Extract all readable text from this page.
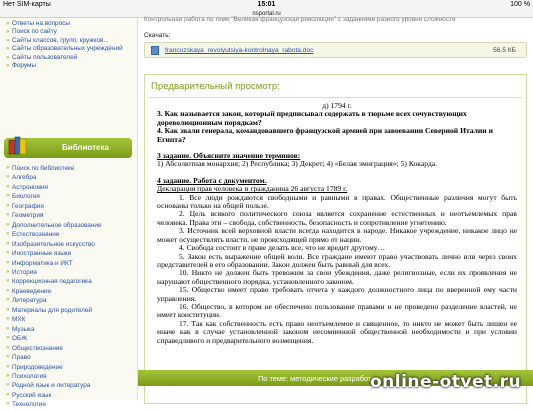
Нет SIM-карты	15:01	100 %
nsportal.ru
» Ответы на вопросы
» Поиск по сайту
» Сайты классов, групп, кружков...
» Сайты образовательных учреждений
» Сайты пользователей
» Форумы
Библиотека
» Поиск по библиотеке
» Алгебра
» Астрономия
» Биология
» География
» Геометрия
» Дополнительное образование
» Естествознание
» Изобразительное искусство
» Иностранные языки
» Информатика и ИКТ
» История
» Коррекционная педагогика
» Краеведение
» Литература
» Материалы для родителей
» МХК
» Музыка
» ОБЖ
» Обществознание
» Право
» Природоведение
» Психология
» Родной язык и литература
» Русский язык
» Технология
Контрольная работа по теме "Великая французская революция" с заданиями разного уровня сложности
Скачать:
francuzskaya_revolyutsiya-kontrolnaya_rabota.doc	56.5 КБ
Предварительный просмотр:

д) 1794 г.

3. Как называется закон, который предписывал содержать в тюрьме всех сочувствующих дореволюционным порядкам?

4. Как звали генерала, командовавшего французской армией при завоевании Северной Италии и Египта?

3 задание. Объясните значение терминов:

1) Абсолютная монархия; 2) Республика; 3) Декрет; 4) «Белая эмиграция»; 5) Кокарда.

4 задание. Работа с документом.

Декларация прав человека и гражданина 26 августа 1789 г.

1. Все люди рождаются свободными и равными в правах. Общественные различия могут быть основаны только на общей пользе.

2. Цель всякого политического союза является сохранение естественных и неотъемлемых прав человека. Права эти – свобода, собственность, безопасность и сопротивление угнетению.

3. Источник всей верховной власти всегда находится в народе. Никакое учреждение, никакое лицо не может осуществлять власти, не происходящей прямо от нации.

4. Свобода состоит в праве делать все, что не вредит другому…

5. Закон есть выражение общей воли. Все граждане имеют право участвовать лично или через своих представителей в его образовании. Закон должен быть равный для всех.

10. Никто не должен быть тревожим за свои убеждения, даже религиозные, если их проявления не нарушают общественного порядка, установленного законом.

15. Общество имеет право требовать отчета у каждого должностного лица по вверенной ему части управления.

16. Общество, в котором не обеспечено пользование правами и не проведено разделение властей, не имеет конституции.

17. Так как собственность есть право неотъемлемое и священное, то никто не может быть лишен ее иначе как в случае установленной законом несомненной общественной необходимости и при условии справедливого и предварительного возмещения.

По теме: методические разработки...
online-otvet.ru
